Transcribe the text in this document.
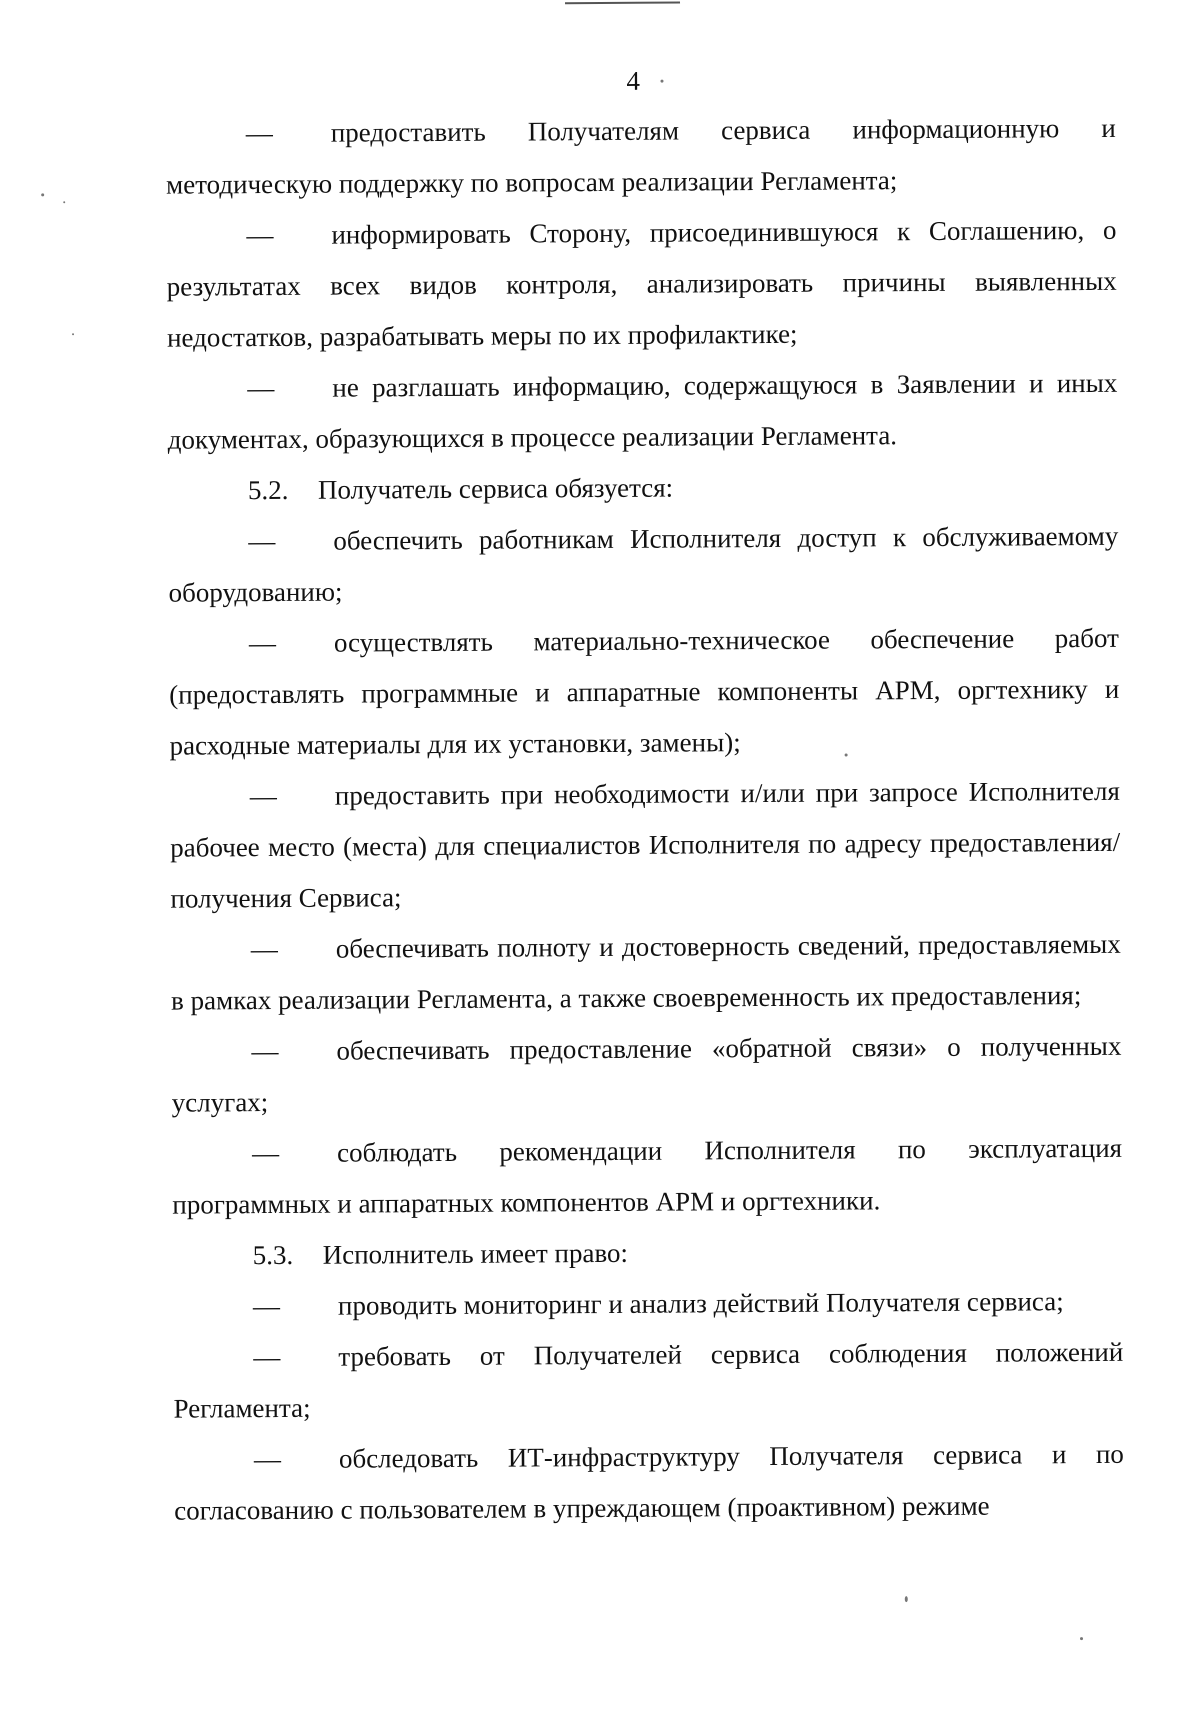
4
— предоставить Получателям сервиса информационную и методическую поддержку по вопросам реализации Регламента;
— информировать Сторону, присоединившуюся к Соглашению, о результатах всех видов контроля, анализировать причины выявленных недостатков, разрабатывать меры по их профилактике;
— не разглашать информацию, содержащуюся в Заявлении и иных документах, образующихся в процессе реализации Регламента.
5.2. Получатель сервиса обязуется:
— обеспечить работникам Исполнителя доступ к обслуживаемому оборудованию;
— осуществлять материально-техническое обеспечение работ (предоставлять программные и аппаратные компоненты АРМ, оргтехнику и расходные материалы для их установки, замены);
— предоставить при необходимости и/или при запросе Исполнителя рабочее место (места) для специалистов Исполнителя по адресу предоставления/получения Сервиса;
— обеспечивать полноту и достоверность сведений, предоставляемых в рамках реализации Регламента, а также своевременность их предоставления;
— обеспечивать предоставление «обратной связи» о полученных услугах;
— соблюдать рекомендации Исполнителя по эксплуатация программных и аппаратных компонентов АРМ и оргтехники.
5.3. Исполнитель имеет право:
— проводить мониторинг и анализ действий Получателя сервиса;
— требовать от Получателей сервиса соблюдения положений Регламента;
— обследовать ИТ-инфраструктуру Получателя сервиса и по согласованию с пользователем в упреждающем (проактивном) режиме
